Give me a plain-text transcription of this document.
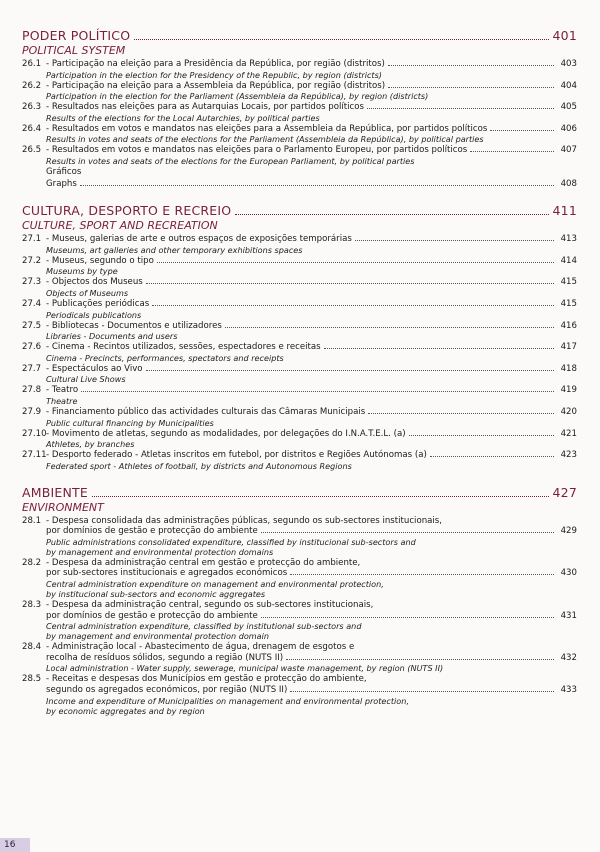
PODER POLÍTICO	401
POLITICAL SYSTEM
26.1 - Participação na eleição para a Presidência da República, por região (distritos)	403
Participation in the election for the Presidency of the Republic, by region (districts)
26.2 - Participação na eleição para a Assembleia da República, por região (distritos)	404
Participation in the election for the Parliament (Assembleia da República), by region (districts)
26.3 - Resultados nas eleições para as Autarquias Locais, por partidos políticos	405
Results of the elections for the Local Autarchies, by political parties
26.4 - Resultados em votos e mandatos nas eleições para a Assembleia da República, por partidos políticos	406
Results in votes and seats of the elections for the Parliament (Assembleia da República), by political parties
26.5 - Resultados em votos e mandatos nas eleições para o Parlamento Europeu, por partidos políticos	407
Results in votes and seats of the elections for the European Parliament, by political parties
Gráficos
Graphs	408
CULTURA, DESPORTO E RECREIO	411
CULTURE, SPORT AND RECREATION
27.1 - Museus, galerias de arte e outros espaços de exposições temporárias	413
Museums, art galleries and other temporary exhibitions spaces
27.2 - Museus, segundo o tipo	414
Museums by type
27.3 - Objectos dos Museus	415
Objects of Museums
27.4 - Publicações periódicas	415
Periodicals publications
27.5 - Bibliotecas - Documentos e utilizadores	416
Libraries - Documents and users
27.6 - Cinema - Recintos utilizados, sessões, espectadores e receitas	417
Cinema - Precincts, performances, spectators and receipts
27.7 - Espectáculos ao Vivo	418
Cultural Live Shows
27.8 - Teatro	419
Theatre
27.9 - Financiamento público das actividades culturais das Câmaras Municipais	420
Public cultural financing by Municipalities
27.10 - Movimento de atletas, segundo as modalidades, por delegações do I.N.A.T.E.L. (a)	421
Athletes, by branches
27.11 - Desporto federado - Atletas inscritos em futebol, por distritos e Regiões Autónomas (a)	423
Federated sport - Athletes of football, by districts and Autonomous Regions
AMBIENTE	427
ENVIRONMENT
28.1 - Despesa consolidada das administrações públicas, segundo os sub-sectores institucionais,
por domínios de gestão e protecção do ambiente	429
Public administrations consolidated expenditure, classified by institucional sub-sectors and
by management and environmental protection domains
28.2 - Despesa da administração central em gestão e protecção do ambiente,
por sub-sectores institucionais e agregados económicos	430
Central administration expenditure on management and environmental protection,
by institucional sub-sectors and economic aggregates
28.3 - Despesa da administração central, segundo os sub-sectores institucionais,
por domínios de gestão e protecção do ambiente	431
Central administration expenditure, classified by institutional sub-sectors and
by management and environmental protection domain
28.4 - Administração local - Abastecimento de água, drenagem de esgotos e
recolha de resíduos sólidos, segundo a região (NUTS II)	432
Local administration - Water supply, sewerage, municipal waste management, by region (NUTS II)
28.5 - Receitas e despesas dos Municípios em gestão e protecção do ambiente,
segundo os agregados económicos, por região (NUTS II)	433
Income and expenditure of Municipalities on management and environmental protection,
by economic aggregates and by region
16
